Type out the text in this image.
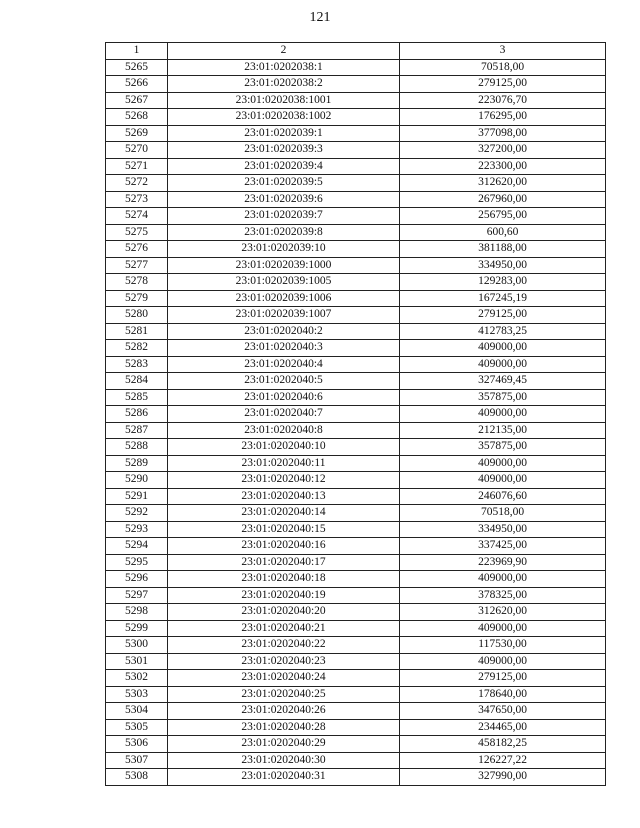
121
1	2	3
5265	23:01:0202038:1	70518,00
5266	23:01:0202038:2	279125,00
5267	23:01:0202038:1001	223076,70
5268	23:01:0202038:1002	176295,00
5269	23:01:0202039:1	377098,00
5270	23:01:0202039:3	327200,00
5271	23:01:0202039:4	223300,00
5272	23:01:0202039:5	312620,00
5273	23:01:0202039:6	267960,00
5274	23:01:0202039:7	256795,00
5275	23:01:0202039:8	600,60
5276	23:01:0202039:10	381188,00
5277	23:01:0202039:1000	334950,00
5278	23:01:0202039:1005	129283,00
5279	23:01:0202039:1006	167245,19
5280	23:01:0202039:1007	279125,00
5281	23:01:0202040:2	412783,25
5282	23:01:0202040:3	409000,00
5283	23:01:0202040:4	409000,00
5284	23:01:0202040:5	327469,45
5285	23:01:0202040:6	357875,00
5286	23:01:0202040:7	409000,00
5287	23:01:0202040:8	212135,00
5288	23:01:0202040:10	357875,00
5289	23:01:0202040:11	409000,00
5290	23:01:0202040:12	409000,00
5291	23:01:0202040:13	246076,60
5292	23:01:0202040:14	70518,00
5293	23:01:0202040:15	334950,00
5294	23:01:0202040:16	337425,00
5295	23:01:0202040:17	223969,90
5296	23:01:0202040:18	409000,00
5297	23:01:0202040:19	378325,00
5298	23:01:0202040:20	312620,00
5299	23:01:0202040:21	409000,00
5300	23:01:0202040:22	117530,00
5301	23:01:0202040:23	409000,00
5302	23:01:0202040:24	279125,00
5303	23:01:0202040:25	178640,00
5304	23:01:0202040:26	347650,00
5305	23:01:0202040:28	234465,00
5306	23:01:0202040:29	458182,25
5307	23:01:0202040:30	126227,22
5308	23:01:0202040:31	327990,00
